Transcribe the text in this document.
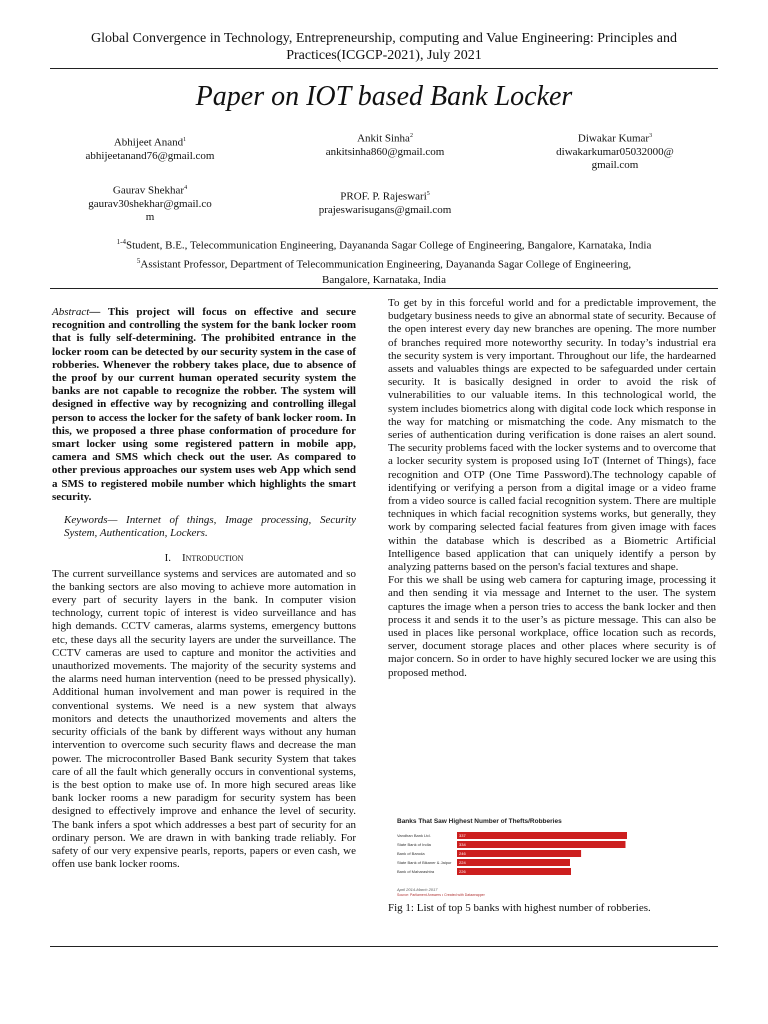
Global Convergence in Technology, Entrepreneurship, computing and Value Engineering: Principles and
Practices(ICGCP-2021), July 2021
Paper on IOT based Bank Locker
Abhijeet Anand$^1$
abhijeetanand76@gmail.com
Ankit Sinha$^2$
ankitsinha860@gmail.com
Diwakar Kumar$^3$
diwakarkumar05032000@
gmail.com
Gaurav Shekhar$^4$
gaurav30shekhar@gmail.co
m
PROF. P. Rajeswari$^5$
prajeswarisugans@gmail.com
$^{1-4}$Student, B.E., Telecommunication Engineering, Dayananda Sagar College of Engineering, Bangalore, Karnataka, India
$^5$Assistant Professor, Department of Telecommunication Engineering, Dayananda Sagar College of Engineering,
Bangalore, Karnataka, India

Abstract— This project will focus on effective and secure recognition and controlling the system for the bank locker room that is fully self-determining. The prohibited entrance in the locker room can be detected by our security system in the case of robberies. Whenever the robbery takes place, due to absence of the proof by our current human operated security system the banks are not capable to recognize the robber. The system will designed in effective way by recognizing and controlling illegal person to access the locker for the safety of bank locker room. In this, we proposed a three phase conformation of procedure for smart locker using some registered pattern in mobile app, camera and SMS which check out the user. As compared to other previous approaches our system uses web App which send a SMS to registered mobile number which highlights the smart security.

Keywords— Internet of things, Image processing, Security System, Authentication, Lockers.

I. Introduction

The current surveillance systems and services are automated and so the banking sectors are also moving to achieve more automation in every part of security layers in the bank. In computer vision technology, current topic of interest is video surveillance and has high demands. CCTV cameras, alarms systems, emergency buttons etc, these days all the security layers are under the surveillance. The CCTV cameras are used to capture and monitor the activities and unauthorized movements. The majority of the security systems and the alarms need human intervention (need to be pressed physically). Additional human involvement and man power is required in the conventional systems. We need is a new system that always monitors and detects the unauthorized movements and alters the security officials of the bank by different ways without any human intervention to overcome such security flaws and decrease the man power. The microcontroller Based Bank security System that takes care of all the fault which generally occurs in conventional systems, is the best option to make use of. In more high secured areas like bank locker rooms a new paradigm for security system has been designed to effectively improve and enhance the level of security. The bank infers a spot which addresses a best part of security for an ordinary person. We are drawn in with banking trade reliably. For safety of our very expensive pearls, reports, papers or even cash, we offen use bank locker rooms.

To get by in this forceful world and for a predictable improvement, the budgetary business needs to give an abnormal state of security. Because of the open interest every day new branches are opening. The more number of branches required more noteworthy security. In today’s industrial era the security system is very important. Throughout our life, the hardearned assets and valuables things are expected to be safeguarded under certain security. It is basically designed in order to avoid the risk of vulnerabilities to our valuable items. In this technological world, the system includes biometrics along with digital code lock which response in the way for matching or mismatching the code. Any mismatch to the series of authentication during verification is done raises an alert sound. The security problems faced with the locker systems and to overcome that a locker security system is proposed using IoT (Internet of Things), face recognition and OTP (One Time Password).The technology capable of identifying or verifying a person from a digital image or a video frame from a video source is called facial recognition system. There are multiple techniques in which facial recognition systems works, but generally, they work by comparing selected facial features from given image with faces within the database which is described as a Biometric Artificial Intelligence based application that can uniquely identify a person by analyzing patterns based on the person's facial textures and shape.

For this we shall be using web camera for capturing image, processing it and then sending it via message and Internet to the user. The system captures the image when a person tries to access the bank locker and then process it and sends it to the user’s as picture message. This can also be used in places like personal workplace, office location such as records, server, document storage places and other places where security is of major concern. So in order to have highly secured locker we are using this proposed method.

Banks That Saw Highest Number of Thefts/Robberies
Vandhan Bank Ltd.	337
State Bank of India	334
Bank of Baroda	246
State Bank of Bikaner & Jaipur 224
Bank of Maharashtra	226
April 2014-March 2017
Source: Parliament Answers • Created with Datawrapper
Fig 1: List of top 5 banks with highest number of robberies.
